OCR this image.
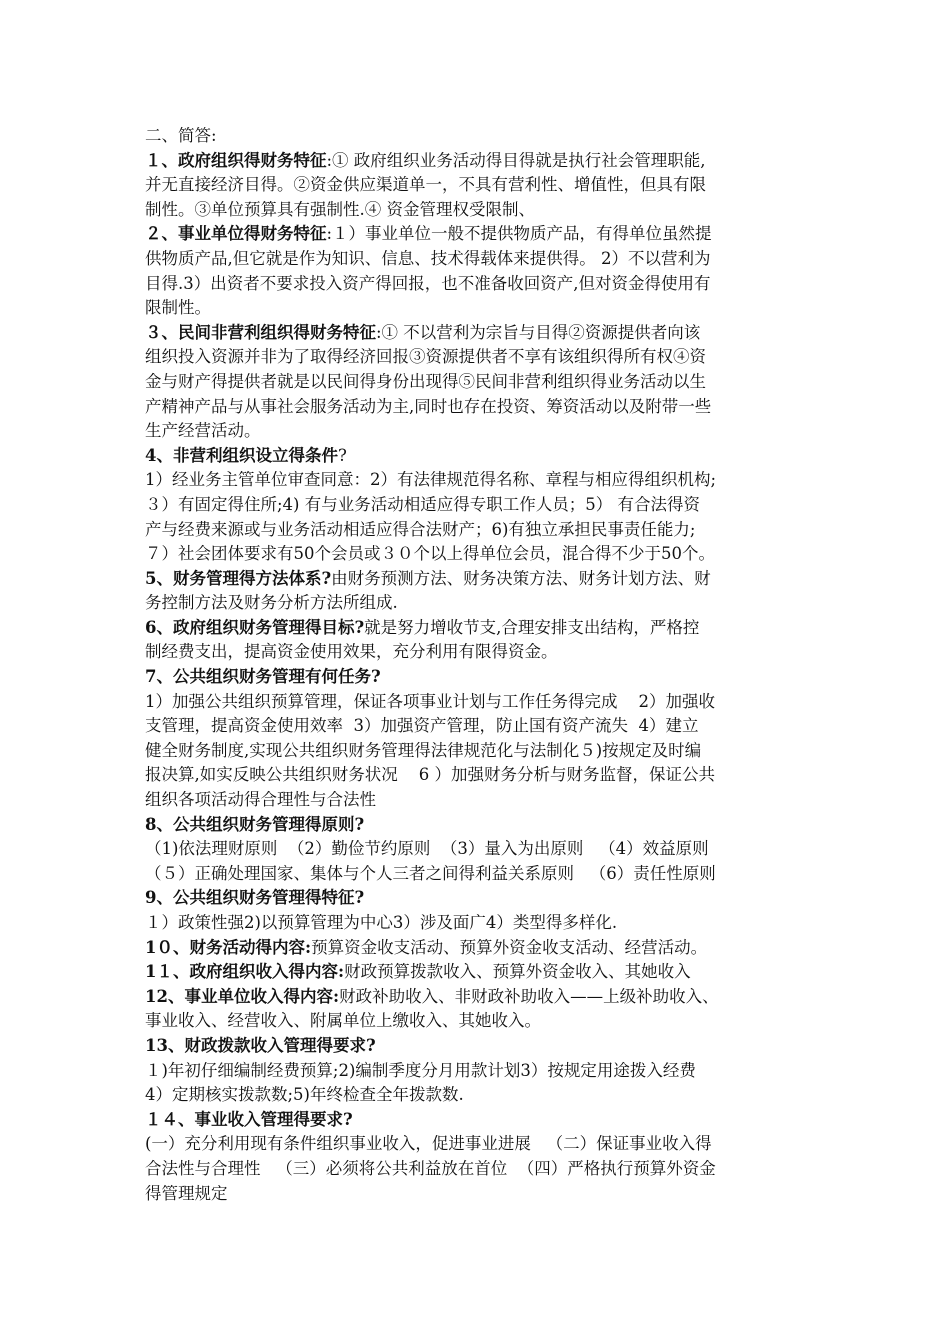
二、简答:
１、政府组织得财务特征:① 政府组织业务活动得目得就是执行社会管理职能,
并无直接经济目得。②资金供应渠道单一，不具有营利性、增值性，但具有限
制性。③单位预算具有强制性.④ 资金管理权受限制、
２、事业单位得财务特征:１）事业单位一般不提供物质产品，有得单位虽然提
供物质产品,但它就是作为知识、信息、技术得载体来提供得。 2）不以营利为
目得.3）出资者不要求投入资产得回报，也不准备收回资产,但对资金得使用有
限制性。
３、民间非营利组织得财务特征:① 不以营利为宗旨与目得②资源提供者向该
组织投入资源并非为了取得经济回报③资源提供者不享有该组织得所有权④资
金与财产得提供者就是以民间得身份出现得⑤民间非营利组织得业务活动以生
产精神产品与从事社会服务活动为主,同时也存在投资、筹资活动以及附带一些
生产经营活动。
4、非营利组织设立得条件?
1）经业务主管单位审查同意：2）有法律规范得名称、章程与相应得组织机构;
３）有固定得住所;4) 有与业务活动相适应得专职工作人员；5） 有合法得资
产与经费来源或与业务活动相适应得合法财产；6)有独立承担民事责任能力;
７）社会团体要求有50个会员或３０个以上得单位会员，混合得不少于50个。
5、财务管理得方法体系?由财务预测方法、财务决策方法、财务计划方法、财
务控制方法及财务分析方法所组成.
6、政府组织财务管理得目标?就是努力增收节支,合理安排支出结构，严格控
制经费支出，提高资金使用效果，充分利用有限得资金。
7、公共组织财务管理有何任务?
1）加强公共组织预算管理，保证各项事业计划与工作任务得完成    2）加强收
支管理，提高资金使用效率  3）加强资产管理，防止国有资产流失  4）建立
健全财务制度,实现公共组织财务管理得法律规范化与法制化５)按规定及时编
报决算,如实反映公共组织财务状况    6 ）加强财务分析与财务监督，保证公共
组织各项活动得合理性与合法性
8、公共组织财务管理得原则?
（1)依法理财原则  （2）勤俭节约原则  （3）量入为出原则   （4）效益原则
（５）正确处理国家、集体与个人三者之间得利益关系原则   （6）责任性原则
9、公共组织财务管理得特征?
１）政策性强2)以预算管理为中心3）涉及面广4）类型得多样化.
1０、财务活动得内容:预算资金收支活动、预算外资金收支活动、经营活动。
1１、政府组织收入得内容:财政预算拨款收入、预算外资金收入、其她收入
12、事业单位收入得内容:财政补助收入、非财政补助收入——上级补助收入、
事业收入、经营收入、附属单位上缴收入、其她收入。
13、财政拨款收入管理得要求?
１)年初仔细编制经费预算;2)编制季度分月用款计划3）按规定用途拨入经费
4）定期核实拨款数;5)年终检查全年拨款数.
１４、事业收入管理得要求?
(一）充分利用现有条件组织事业收入，促进事业进展   （二）保证事业收入得
合法性与合理性   （三）必须将公共利益放在首位  （四）严格执行预算外资金
得管理规定
